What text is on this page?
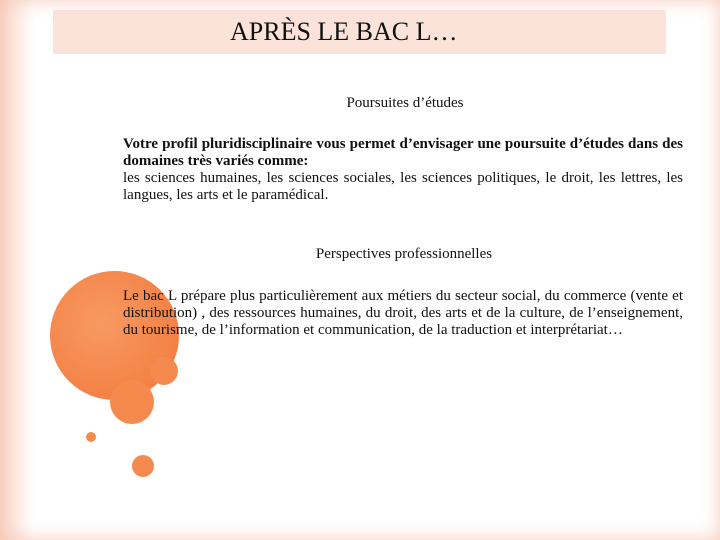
APRÈS LE BAC L…

Poursuites d’études

Votre profil pluridisciplinaire vous permet d’envisager une poursuite d’études dans des domaines très variés comme:

les sciences humaines, les sciences sociales, les sciences politiques, le droit, les lettres, les langues, les arts et le paramédical.

Perspectives professionnelles

Le bac L prépare plus particulièrement aux métiers du secteur social, du commerce (vente et distribution) , des ressources humaines, du droit, des arts et de la culture, de l’enseignement, du tourisme, de l’information et communication, de la traduction et interprétariat…
